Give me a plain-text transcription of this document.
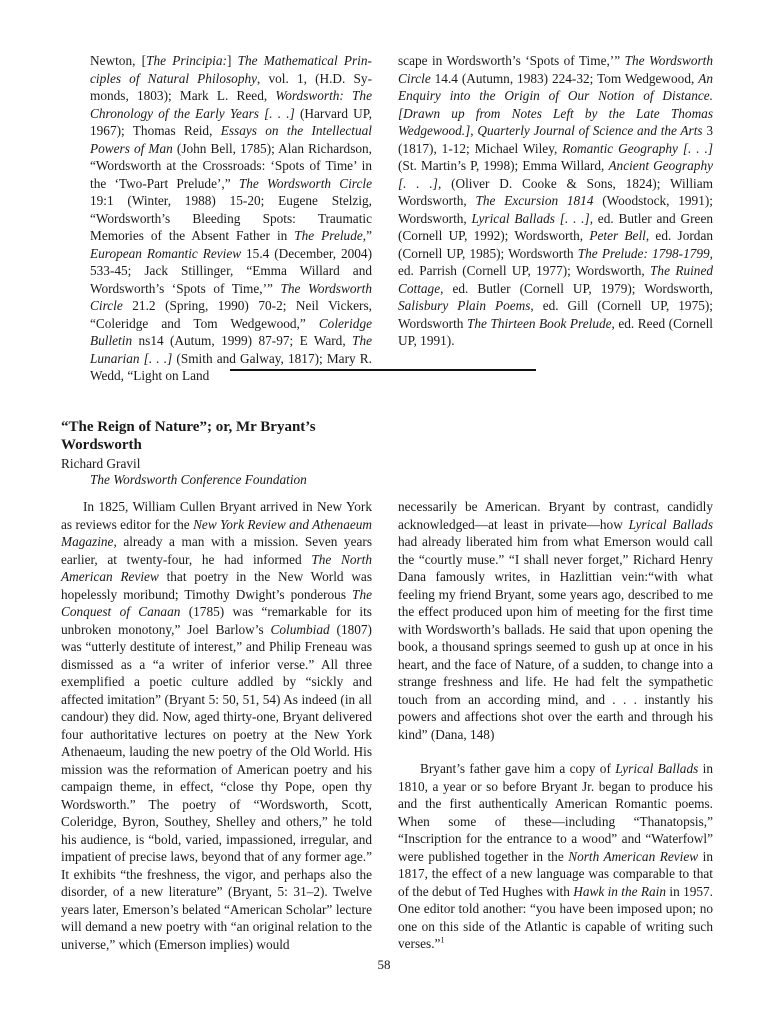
Newton, [The Principia:] The Mathematical Principles of Natural Philosophy, vol. 1, (H.D. Symonds, 1803); Mark L. Reed, Wordsworth: The Chronology of the Early Years [. . .] (Harvard UP, 1967); Thomas Reid, Essays on the Intellectual Powers of Man (John Bell, 1785); Alan Richardson, “Wordsworth at the Crossroads: ‘Spots of Time’ in the ‘Two-Part Prelude’,” The Wordsworth Circle 19:1 (Winter, 1988) 15-20; Eugene Stelzig, “Wordsworth’s Bleeding Spots: Traumatic Memories of the Absent Father in The Prelude,” European Romantic Review 15.4 (December, 2004) 533-45; Jack Stillinger, “Emma Willard and Wordsworth’s ‘Spots of Time,’” The Wordsworth Circle 21.2 (Spring, 1990) 70-2; Neil Vickers, “Coleridge and Tom Wedgewood,” Coleridge Bulletin ns14 (Autum, 1999) 87-97; E Ward, The Lunarian [. . .] (Smith and Galway, 1817); Mary R. Wedd, “Light on Land

scape in Wordsworth’s ‘Spots of Time,’” The Wordsworth Circle 14.4 (Autumn, 1983) 224-32; Tom Wedgewood, An Enquiry into the Origin of Our Notion of Distance. [Drawn up from Notes Left by the Late Thomas Wedgewood.], Quarterly Journal of Science and the Arts 3 (1817), 1-12; Michael Wiley, Romantic Geography [. . .] (St. Martin’s P, 1998); Emma Willard, Ancient Geography [. . .], (Oliver D. Cooke & Sons, 1824); William Wordsworth, The Excursion 1814 (Woodstock, 1991); Wordsworth, Lyrical Ballads [. . .], ed. Butler and Green (Cornell UP, 1992); Wordsworth, Peter Bell, ed. Jordan (Cornell UP, 1985); Wordsworth The Prelude: 1798-1799, ed. Parrish (Cornell UP, 1977); Wordsworth, The Ruined Cottage, ed. Butler (Cornell UP, 1979); Wordsworth, Salisbury Plain Poems, ed. Gill (Cornell UP, 1975); Wordsworth The Thirteen Book Prelude, ed. Reed (Cornell UP, 1991).

“The Reign of Nature”; or, Mr Bryant’s Wordsworth
Richard Gravil
The Wordsworth Conference Foundation

In 1825, William Cullen Bryant arrived in New York as reviews editor for the New York Review and Athenaeum Magazine, already a man with a mission. Seven years earlier, at twenty-four, he had informed The North American Review that poetry in the New World was hopelessly moribund; Timothy Dwight’s ponderous The Conquest of Canaan (1785) was “remarkable for its unbroken monotony,” Joel Barlow’s Columbiad (1807) was “utterly destitute of interest,” and Philip Freneau was dismissed as a “a writer of inferior verse.” All three exemplified a poetic culture addled by “sickly and affected imitation” (Bryant 5: 50, 51, 54) As indeed (in all candour) they did. Now, aged thirty-one, Bryant delivered four authoritative lectures on poetry at the New York Athenaeum, lauding the new poetry of the Old World. His mission was the reformation of American poetry and his campaign theme, in effect, “close thy Pope, open thy Wordsworth.” The poetry of “Wordsworth, Scott, Coleridge, Byron, Southey, Shelley and others,” he told his audience, is “bold, varied, impassioned, irregular, and impatient of precise laws, beyond that of any former age.” It exhibits “the freshness, the vigor, and perhaps also the disorder, of a new literature” (Bryant, 5: 31–2). Twelve years later, Emerson’s belated “American Scholar” lecture will demand a new poetry with “an original relation to the universe,” which (Emerson implies) would

necessarily be American. Bryant by contrast, candidly acknowledged—at least in private—how Lyrical Ballads had already liberated him from what Emerson would call the “courtly muse.” “I shall never forget,” Richard Henry Dana famously writes, in Hazlittian vein:“with what feeling my friend Bryant, some years ago, described to me the effect produced upon him of meeting for the first time with Wordsworth’s ballads. He said that upon opening the book, a thousand springs seemed to gush up at once in his heart, and the face of Nature, of a sudden, to change into a strange freshness and life. He had felt the sympathetic touch from an according mind, and . . . instantly his powers and affections shot over the earth and through his kind” (Dana, 148)

Bryant’s father gave him a copy of Lyrical Ballads in 1810, a year or so before Bryant Jr. began to produce his and the first authentically American Romantic poems. When some of these—including “Thanatopsis,” “Inscription for the entrance to a wood” and “Waterfowl” were published together in the North American Review in 1817, the effect of a new language was comparable to that of the debut of Ted Hughes with Hawk in the Rain in 1957. One editor told another: “you have been imposed upon; no one on this side of the Atlantic is capable of writing such verses.”$^1$

58
